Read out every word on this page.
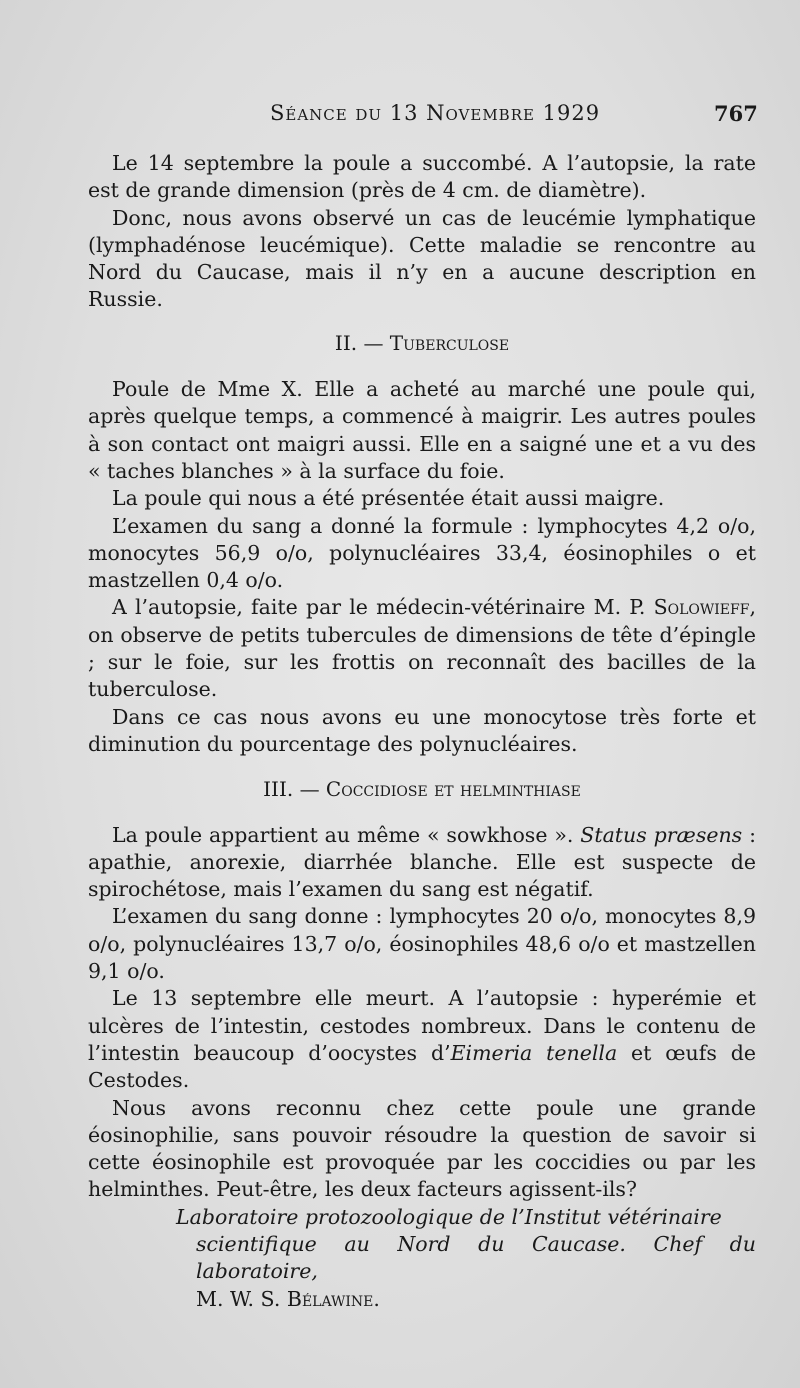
Séance du 13 Novembre 1929	767

Le 14 septembre la poule a succombé. A l’autopsie, la rate est de grande dimension (près de 4 cm. de diamètre).

Donc, nous avons observé un cas de leucémie lymphatique (lymphadénose leucémique). Cette maladie se rencontre au Nord du Caucase, mais il n’y en a aucune description en Russie.

II. — Tuberculose

Poule de Mme X. Elle a acheté au marché une poule qui, après quelque temps, a commencé à maigrir. Les autres poules à son contact ont maigri aussi. Elle en a saigné une et a vu des « taches blanches » à la surface du foie.

La poule qui nous a été présentée était aussi maigre.

L’examen du sang a donné la formule : lymphocytes 4,2 o/o, monocytes 56,9 o/o, polynucléaires 33,4, éosinophiles o et mastzellen 0,4 o/o.

A l’autopsie, faite par le médecin-vétérinaire M. P. Solowieff, on observe de petits tubercules de dimensions de tête d’épingle ; sur le foie, sur les frottis on reconnaît des bacilles de la tuberculose.

Dans ce cas nous avons eu une monocytose très forte et diminution du pourcentage des polynucléaires.

III. — Coccidiose et helminthiase

La poule appartient au même « sowkhose ». Status præsens : apathie, anorexie, diarrhée blanche. Elle est suspecte de spirochétose, mais l’examen du sang est négatif.

L’examen du sang donne : lymphocytes 20 o/o, monocytes 8,9 o/o, polynucléaires 13,7 o/o, éosinophiles 48,6 o/o et mastzellen 9,1 o/o.

Le 13 septembre elle meurt. A l’autopsie : hyperémie et ulcères de l’intestin, cestodes nombreux. Dans le contenu de l’intestin beaucoup d’oocystes d’Eimeria tenella et œufs de Cestodes.

Nous avons reconnu chez cette poule une grande éosinophilie, sans pouvoir résoudre la question de savoir si cette éosinophile est provoquée par les coccidies ou par les helminthes. Peut-être, les deux facteurs agissent-ils?

Laboratoire protozoologique de l’Institut vétérinaire

scientifique au Nord du Caucase. Chef du laboratoire,

M. W. S. Bélawine.
